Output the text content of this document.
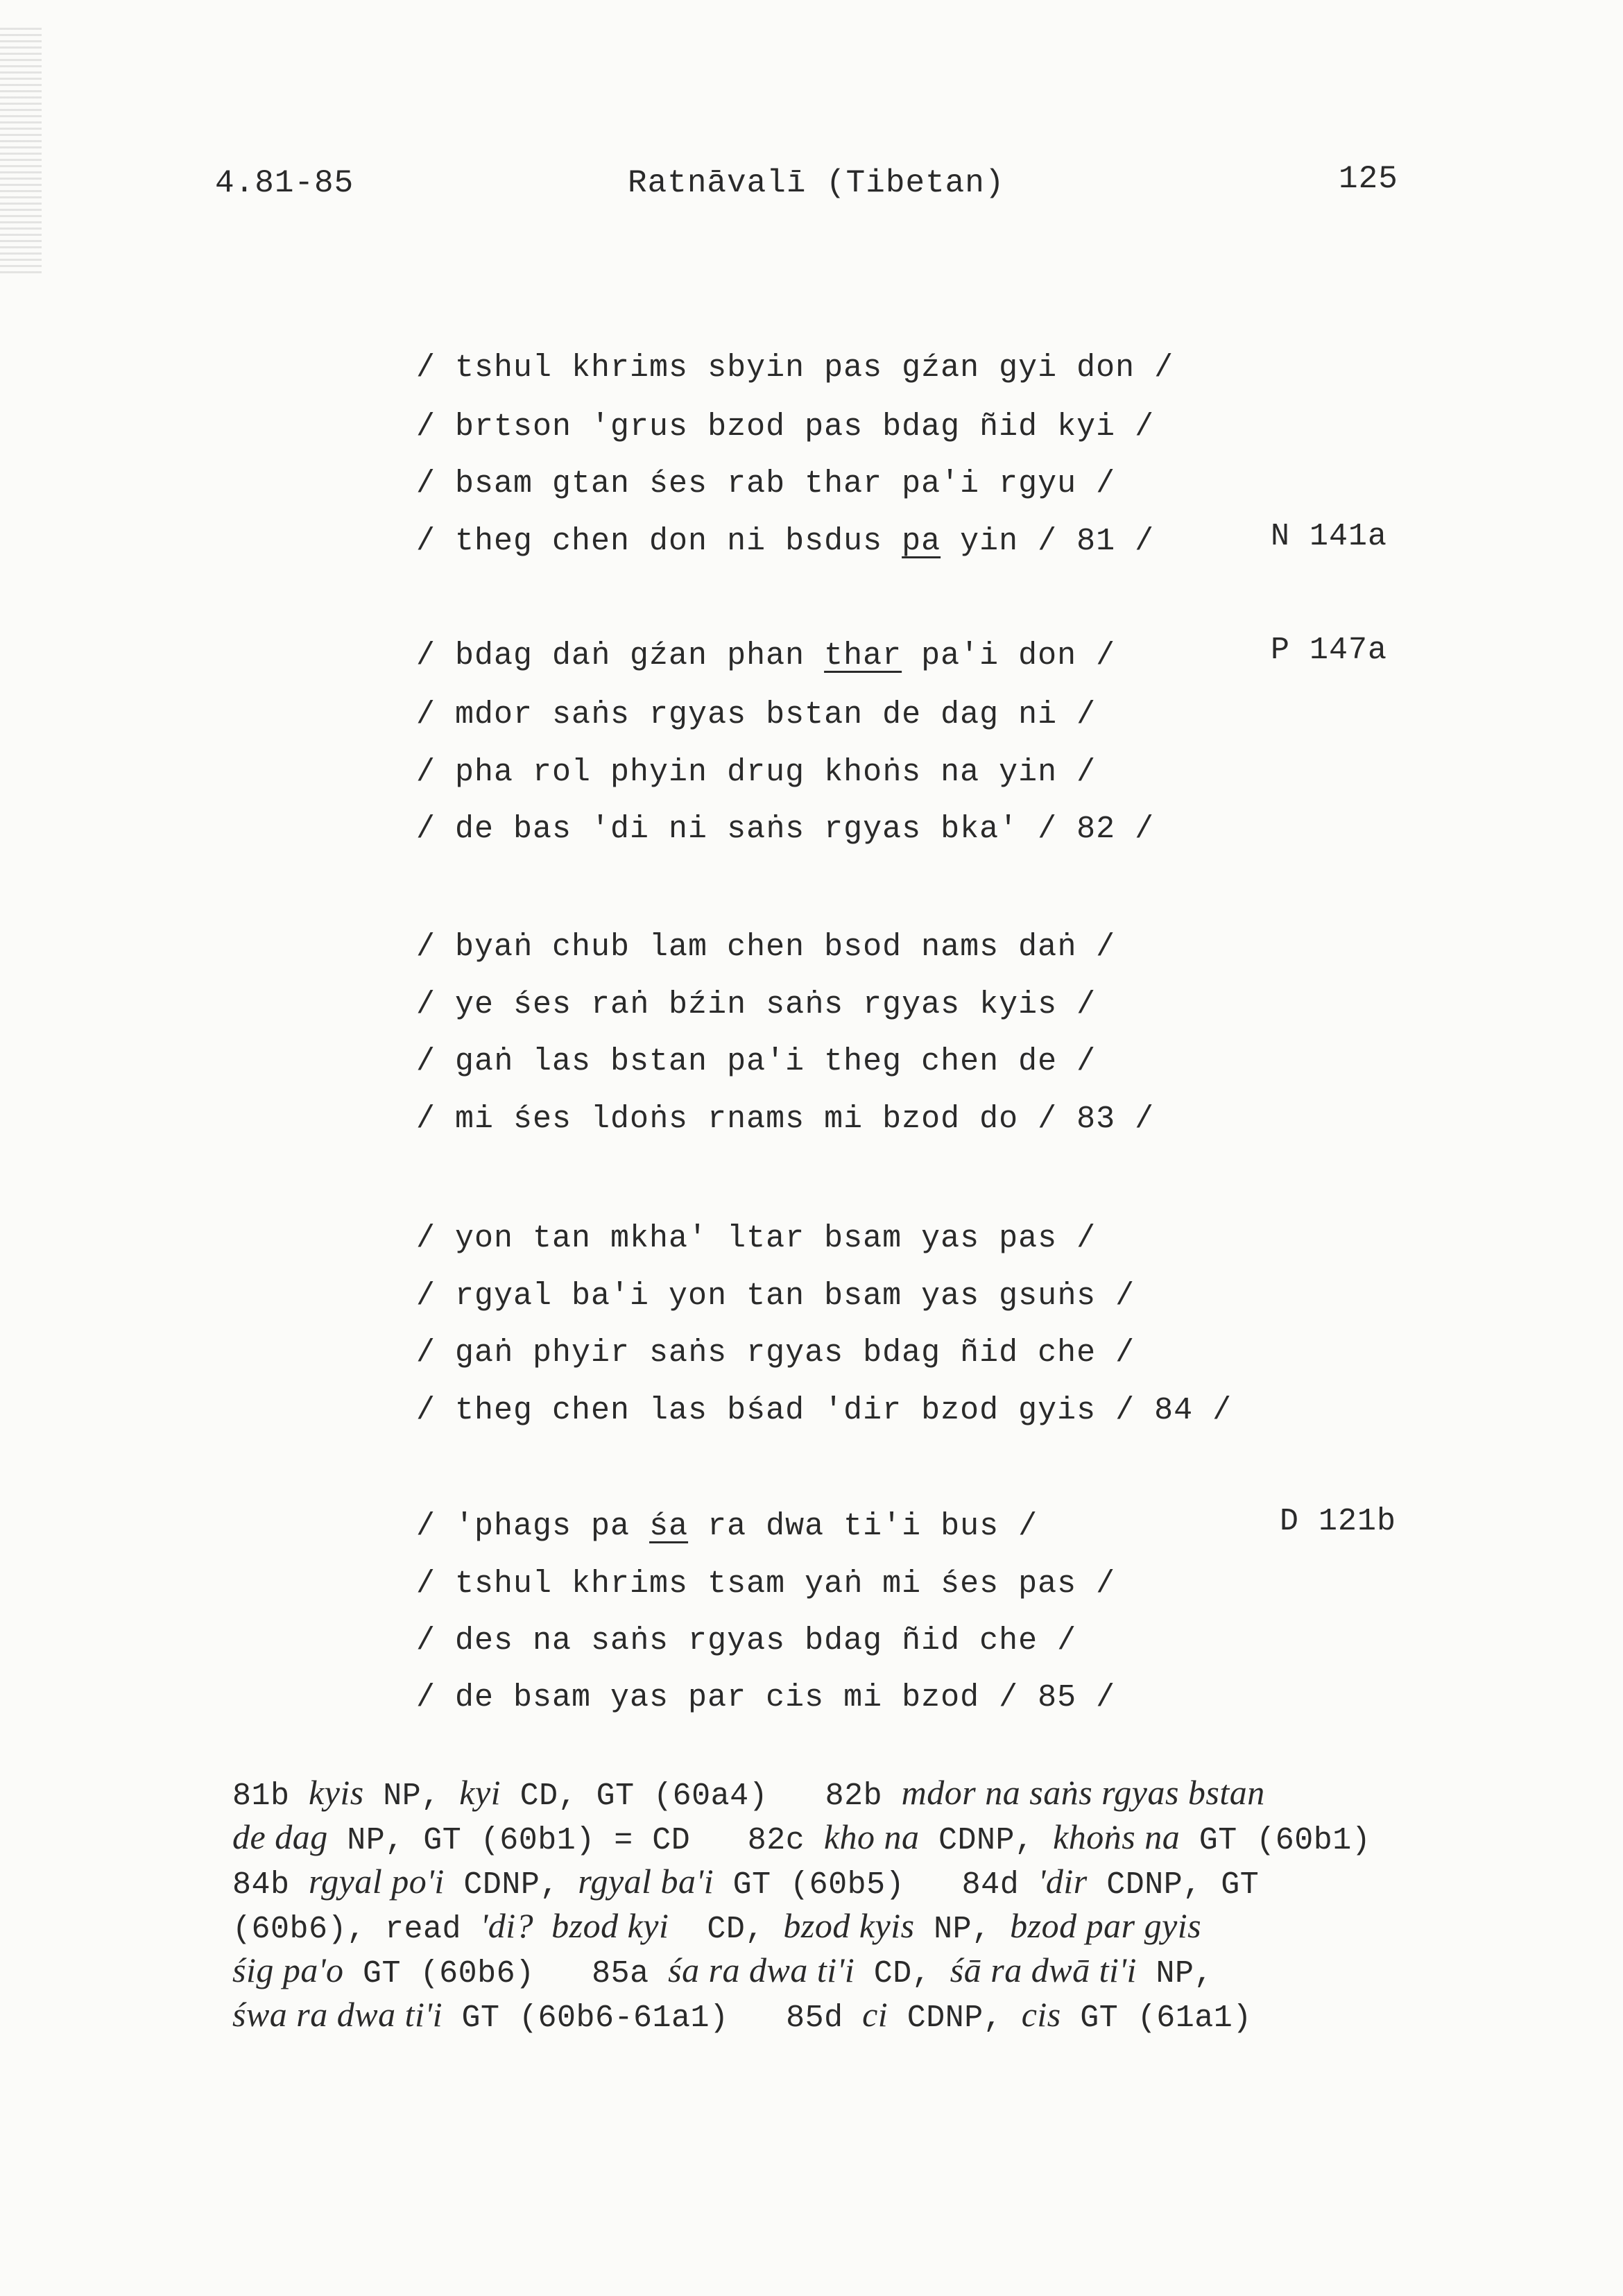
4.81-85	Ratnāvalī (Tibetan)	125
/ tshul khrims sbyin pas gźan gyi don /
/ brtson 'grus bzod pas bdag ñid kyi /
/ bsam gtan śes rab thar pa'i rgyu /
/ theg chen don ni bsdus pa yin / 81 /	N 141a
/ bdag daṅ gźan phan thar pa'i don /	P 147a
/ mdor saṅs rgyas bstan de dag ni /
/ pha rol phyin drug khoṅs na yin /
/ de bas 'di ni saṅs rgyas bka' / 82 /
/ byaṅ chub lam chen bsod nams daṅ /
/ ye śes raṅ bźin saṅs rgyas kyis /
/ gaṅ las bstan pa'i theg chen de /
/ mi śes ldoṅs rnams mi bzod do / 83 /
/ yon tan mkha' ltar bsam yas pas /
/ rgyal ba'i yon tan bsam yas gsuṅs /
/ gaṅ phyir saṅs rgyas bdag ñid che /
/ theg chen las bśad 'dir bzod gyis / 84 /
/ 'phags pa śa ra dwa ti'i bus /	D 121b
/ tshul khrims tsam yaṅ mi śes pas /
/ des na saṅs rgyas bdag ñid che /
/ de bsam yas par cis mi bzod / 85 /
81b kyis NP, kyi CD, GT (60a4)   82b mdor na saṅs rgyas bstan
de dag NP, GT (60b1) = CD   82c kho na CDNP, khoṅs na GT (60b1)
84b rgyal po'i CDNP, rgyal ba'i GT (60b5)   84d 'dir CDNP, GT
(60b6), read 'di?  bzod kyi  CD, bzod kyis NP, bzod par gyis
śig pa'o GT (60b6)   85a śa ra dwa ti'i CD, śā ra dwā ti'i NP,
śwa ra dwa ti'i GT (60b6-61a1)   85d ci CDNP, cis GT (61a1)
